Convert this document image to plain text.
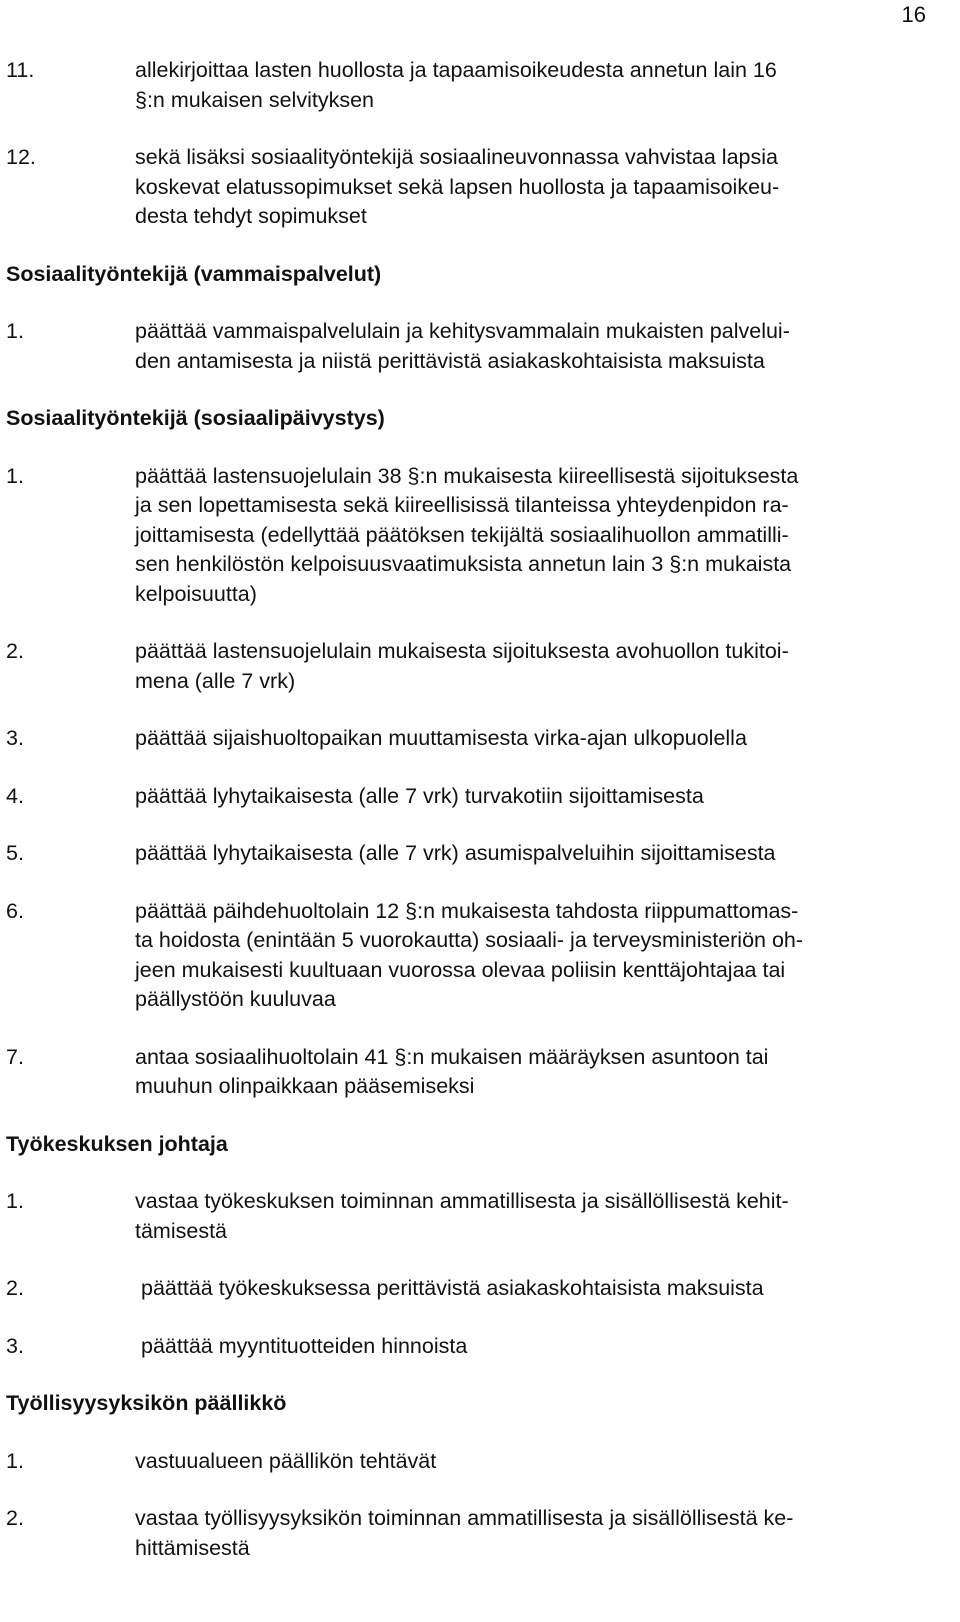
16
11.	allekirjoittaa lasten huollosta ja tapaamisoikeudesta annetun lain 16
§:n mukaisen selvityksen
12.	sekä lisäksi sosiaalityöntekijä sosiaalineuvonnassa vahvistaa lapsia
koskevat elatussopimukset sekä lapsen huollosta ja tapaamisoikeu-
desta tehdyt sopimukset
Sosiaalityöntekijä (vammaispalvelut)
1.	päättää vammaispalvelulain ja kehitysvammalain mukaisten palvelui-
den antamisesta ja niistä perittävistä asiakaskohtaisista maksuista
Sosiaalityöntekijä (sosiaalipäivystys)
1.	päättää lastensuojelulain 38 §:n mukaisesta kiireellisestä sijoituksesta
ja sen lopettamisesta sekä kiireellisissä tilanteissa yhteydenpidon ra-
joittamisesta (edellyttää päätöksen tekijältä sosiaalihuollon ammatilli-
sen henkilöstön kelpoisuusvaatimuksista annetun lain 3 §:n mukaista
kelpoisuutta)
2.	päättää lastensuojelulain mukaisesta sijoituksesta avohuollon tukitoi-
mena (alle 7 vrk)
3.	päättää sijaishuoltopaikan muuttamisesta virka-ajan ulkopuolella
4.	päättää lyhytaikaisesta (alle 7 vrk) turvakotiin sijoittamisesta
5.	päättää lyhytaikaisesta (alle 7 vrk) asumispalveluihin sijoittamisesta
6.	päättää päihdehuoltolain 12 §:n mukaisesta tahdosta riippumattomas-
ta hoidosta (enintään 5 vuorokautta) sosiaali- ja terveysministeriön oh-
jeen mukaisesti kuultuaan vuorossa olevaa poliisin kenttäjohtajaa tai
päällystöön kuuluvaa
7.	antaa sosiaalihuoltolain 41 §:n mukaisen määräyksen asuntoon tai
muuhun olinpaikkaan pääsemiseksi
Työkeskuksen johtaja
1.	vastaa työkeskuksen toiminnan ammatillisesta ja sisällöllisestä kehit-
tämisestä
2.	päättää työkeskuksessa perittävistä asiakaskohtaisista maksuista
3.	päättää myyntituotteiden hinnoista
Työllisyysyksikön päällikkö
1.	vastuualueen päällikön tehtävät
2.	vastaa työllisyysyksikön toiminnan ammatillisesta ja sisällöllisestä ke-
hittämisestä
